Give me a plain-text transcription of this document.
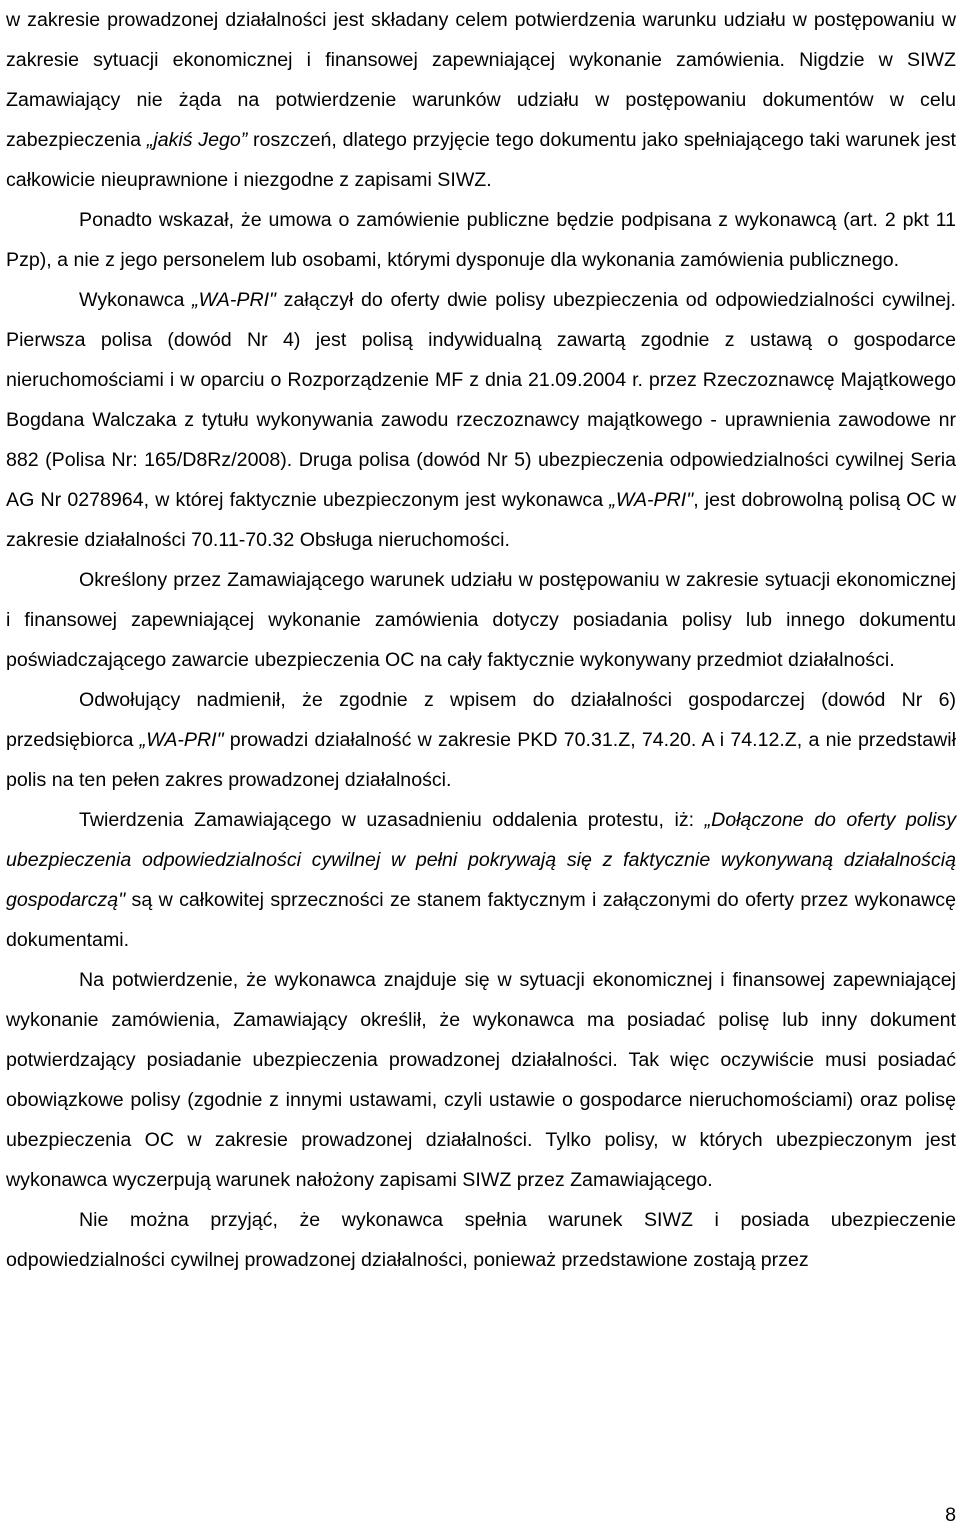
w zakresie prowadzonej działalności jest składany celem potwierdzenia warunku udziału w postępowaniu w zakresie sytuacji ekonomicznej i finansowej zapewniającej wykonanie zamówienia. Nigdzie w SIWZ Zamawiający nie żąda na potwierdzenie warunków udziału w postępowaniu dokumentów w celu zabezpieczenia „jakiś Jego” roszczeń, dlatego przyjęcie tego dokumentu jako spełniającego taki warunek jest całkowicie nieuprawnione i niezgodne z zapisami SIWZ.

Ponadto wskazał, że umowa o zamówienie publiczne będzie podpisana z wykonawcą (art. 2 pkt 11 Pzp), a nie z jego personelem lub osobami, którymi dysponuje dla wykonania zamówienia publicznego.

Wykonawca „WA-PRI" załączył do oferty dwie polisy ubezpieczenia od odpowiedzialności cywilnej. Pierwsza polisa (dowód Nr 4) jest polisą indywidualną zawartą zgodnie z ustawą o gospodarce nieruchomościami i w oparciu o Rozporządzenie MF z dnia 21.09.2004 r. przez Rzeczoznawcę Majątkowego Bogdana Walczaka z tytułu wykonywania zawodu rzeczoznawcy majątkowego - uprawnienia zawodowe nr 882 (Polisa Nr: 165/D8Rz/2008). Druga polisa (dowód Nr 5) ubezpieczenia odpowiedzialności cywilnej Seria AG Nr 0278964, w której faktycznie ubezpieczonym jest wykonawca „WA-PRI", jest dobrowolną polisą OC w zakresie działalności 70.11-70.32 Obsługa nieruchomości.

Określony przez Zamawiającego warunek udziału w postępowaniu w zakresie sytuacji ekonomicznej i finansowej zapewniającej wykonanie zamówienia dotyczy posiadania polisy lub innego dokumentu poświadczającego zawarcie ubezpieczenia OC na cały faktycznie wykonywany przedmiot działalności.

Odwołujący nadmienił, że zgodnie z wpisem do działalności gospodarczej (dowód Nr 6) przedsiębiorca „WA-PRI" prowadzi działalność w zakresie PKD 70.31.Z, 74.20. A i 74.12.Z, a nie przedstawił polis na ten pełen zakres prowadzonej działalności.

Twierdzenia Zamawiającego w uzasadnieniu oddalenia protestu, iż: „Dołączone do oferty polisy ubezpieczenia odpowiedzialności cywilnej w pełni pokrywają się z faktycznie wykonywaną działalnością gospodarczą" są w całkowitej sprzeczności ze stanem faktycznym i załączonymi do oferty przez wykonawcę dokumentami.

Na potwierdzenie, że wykonawca znajduje się w sytuacji ekonomicznej i finansowej zapewniającej wykonanie zamówienia, Zamawiający określił, że wykonawca ma posiadać polisę lub inny dokument potwierdzający posiadanie ubezpieczenia prowadzonej działalności. Tak więc oczywiście musi posiadać obowiązkowe polisy (zgodnie z innymi ustawami, czyli ustawie o gospodarce nieruchomościami) oraz polisę ubezpieczenia OC w zakresie prowadzonej działalności. Tylko polisy, w których ubezpieczonym jest wykonawca wyczerpują warunek nałożony zapisami SIWZ przez Zamawiającego.

Nie można przyjąć, że wykonawca spełnia warunek SIWZ i posiada ubezpieczenie odpowiedzialności cywilnej prowadzonej działalności, ponieważ przedstawione zostają przez

8
